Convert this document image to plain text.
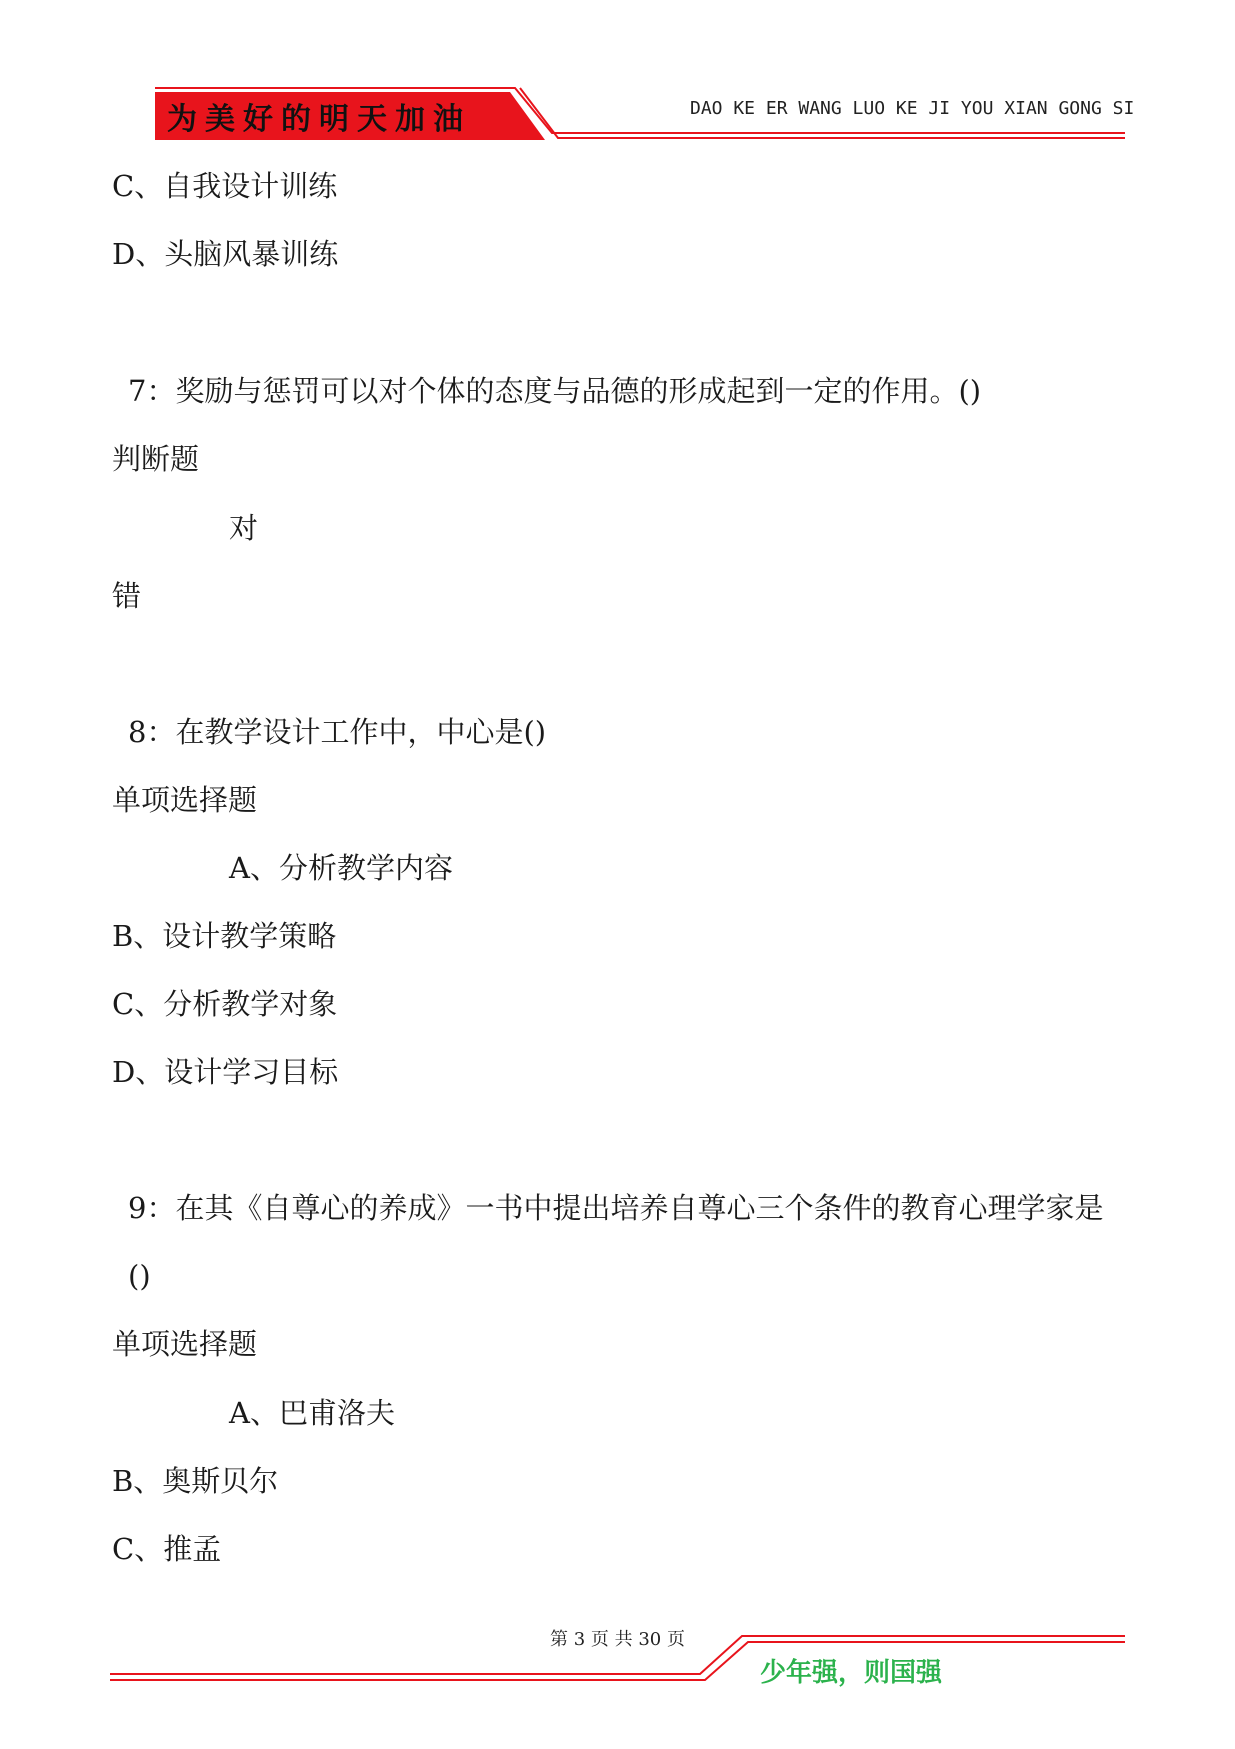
为美好的明天加油	DAO KE ER WANG LUO KE JI YOU XIAN GONG SI
C、自我设计训练
D、头脑风暴训练
7：奖励与惩罚可以对个体的态度与品德的形成起到一定的作用。()
判断题
对
错
8：在教学设计工作中，中心是()
单项选择题
A、分析教学内容
B、设计教学策略
C、分析教学对象
D、设计学习目标
9：在其《自尊心的养成》一书中提出培养自尊心三个条件的教育心理学家是
()
单项选择题
A、巴甫洛夫
B、奥斯贝尔
C、推孟
第 3 页 共 30 页
少年强，则国强
